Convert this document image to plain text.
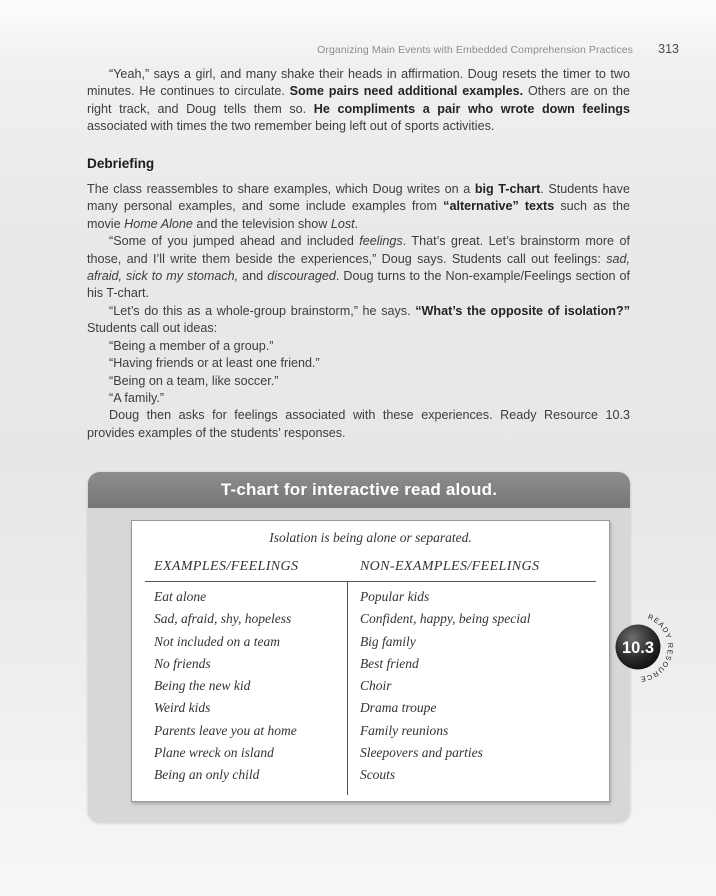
Organizing Main Events with Embedded Comprehension Practices	313

“Yeah,” says a girl, and many shake their heads in affirmation. Doug resets the timer to two minutes. He continues to circulate. Some pairs need additional examples. Others are on the right track, and Doug tells them so. He compliments a pair who wrote down feelings associated with times the two remember being left out of sports activities.

Debriefing

The class reassembles to share examples, which Doug writes on a big T-chart. Students have many personal examples, and some include examples from “alternative” texts such as the movie Home Alone and the television show Lost.

“Some of you jumped ahead and included feelings. That’s great. Let’s brainstorm more of those, and I’ll write them beside the experiences,” Doug says. Students call out feelings: sad, afraid, sick to my stomach, and discouraged. Doug turns to the Non-example/Feelings section of his T-chart.

“Let’s do this as a whole-group brainstorm,” he says. “What’s the opposite of isolation?” Students call out ideas:

“Being a member of a group.”

“Having friends or at least one friend.”

“Being on a team, like soccer.”

“A family.”

Doug then asks for feelings associated with these experiences. Ready Resource 10.3 provides examples of the students’ responses.

T-chart for interactive read aloud.
Isolation is being alone or separated.
EXAMPLES/FEELINGS	NON-EXAMPLES/FEELINGS
Eat alone
Sad, afraid, shy, hopeless
Not included on a team
No friends
Being the new kid
Weird kids
Parents leave you at home
Plane wreck on island
Being an only child
Popular kids
Confident, happy, being special
Big family
Best friend
Choir
Drama troupe
Family reunions
Sleepovers and parties
Scouts
10.3
READY RESOURCE
